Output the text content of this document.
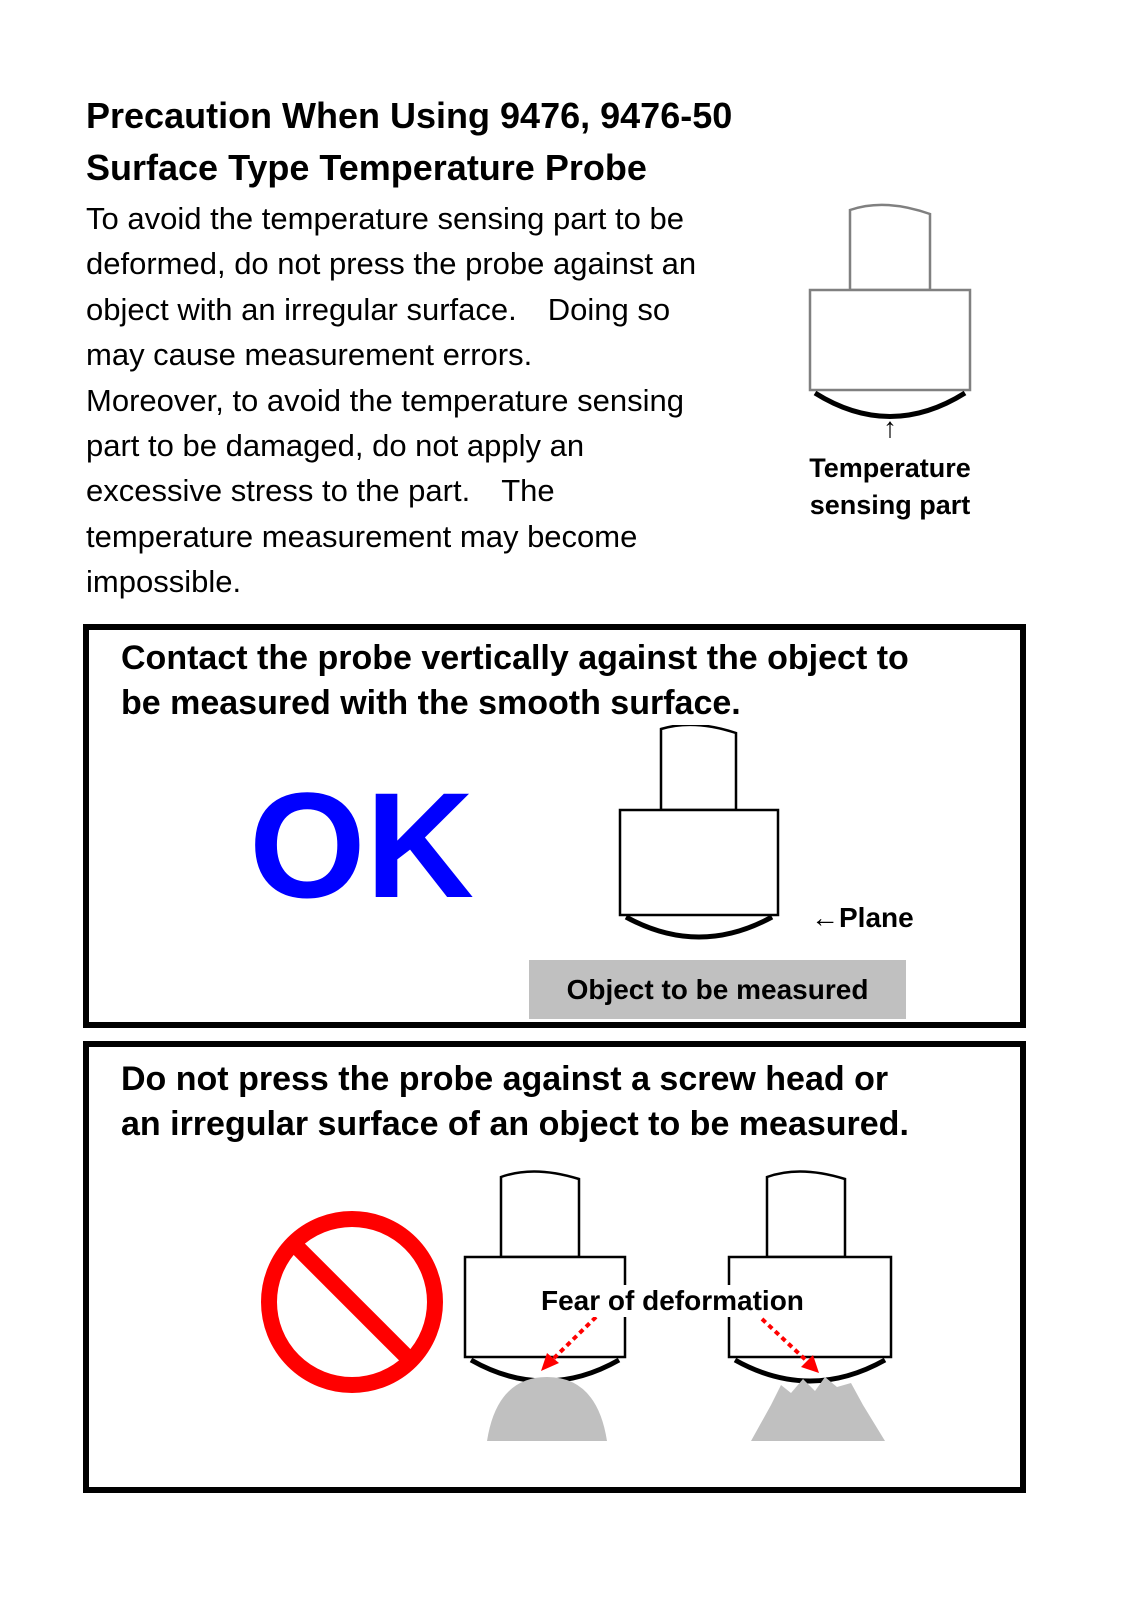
Precaution When Using 9476, 9476-50
Surface Type Temperature Probe
To avoid the temperature sensing part to be
deformed, do not press the probe against an
object with an irregular surface.　Doing so
may cause measurement errors.
Moreover, to avoid the temperature sensing
part to be damaged, do not apply an
excessive stress to the part.　The
temperature measurement may become
impossible.
↑
Temperature
sensing part
Contact the probe vertically against the object to
be measured with the smooth surface.
OK	←Plane
Object to be measured
Do not press the probe against a screw head or
an irregular surface of an object to be measured.
Fear of deformation
